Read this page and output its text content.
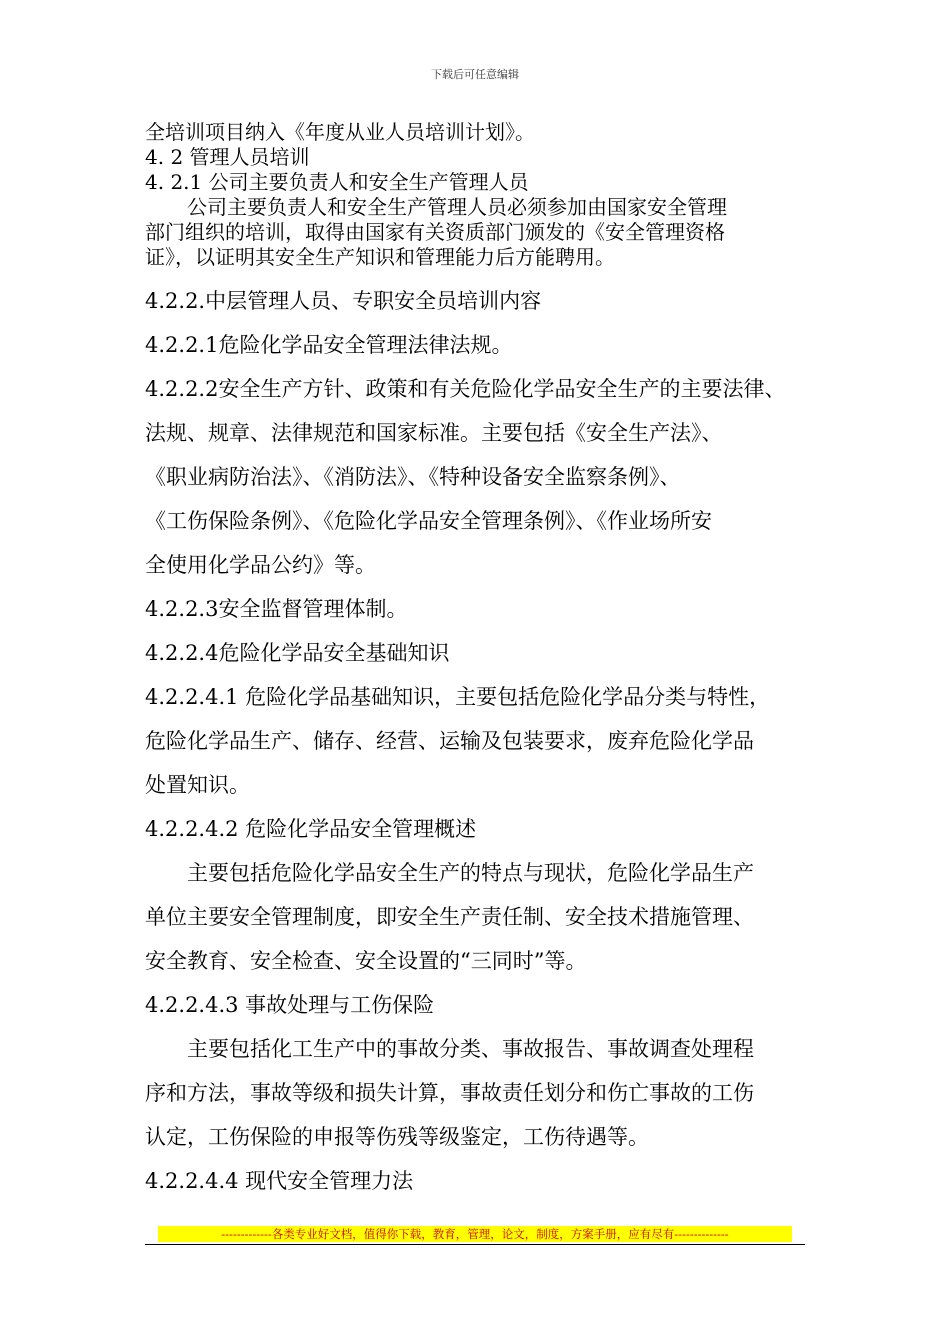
下载后可任意编辑
全培训项目纳入《年度从业人员培训计划》。
4. 2 管理人员培训
4. 2.1 公司主要负责人和安全生产管理人员
公司主要负责人和安全生产管理人员必须参加由国家安全管理
部门组织的培训，取得由国家有关资质部门颁发的《安全管理资格
证》，以证明其安全生产知识和管理能力后方能聘用。
4.2.2.中层管理人员、专职安全员培训内容
4.2.2.1危险化学品安全管理法律法规。
4.2.2.2安全生产方针、政策和有关危险化学品安全生产的主要法律、
法规、规章、法律规范和国家标准。主要包括《安全生产法》、
《职业病防治法》、《消防法》、《特种设备安全监察条例》、
《工伤保险条例》、《危险化学品安全管理条例》、《作业场所安
全使用化学品公约》等。
4.2.2.3安全监督管理体制。
4.2.2.4危险化学品安全基础知识
4.2.2.4.1 危险化学品基础知识，主要包括危险化学品分类与特性，
危险化学品生产、储存、经营、运输及包装要求，废弃危险化学品
处置知识。
4.2.2.4.2 危险化学品安全管理概述
主要包括危险化学品安全生产的特点与现状，危险化学品生产
单位主要安全管理制度，即安全生产责任制、安全技术措施管理、
安全教育、安全检查、安全设置的“三同时”等。
4.2.2.4.3 事故处理与工伤保险
主要包括化工生产中的事故分类、事故报告、事故调查处理程
序和方法，事故等级和损失计算，事故责任划分和伤亡事故的工伤
认定，工伤保险的申报等伤残等级鉴定，工伤待遇等。
4.2.2.4.4 现代安全管理力法
-------------各类专业好文档，值得你下载，教育，管理，论文，制度，方案手册，应有尽有--------------
